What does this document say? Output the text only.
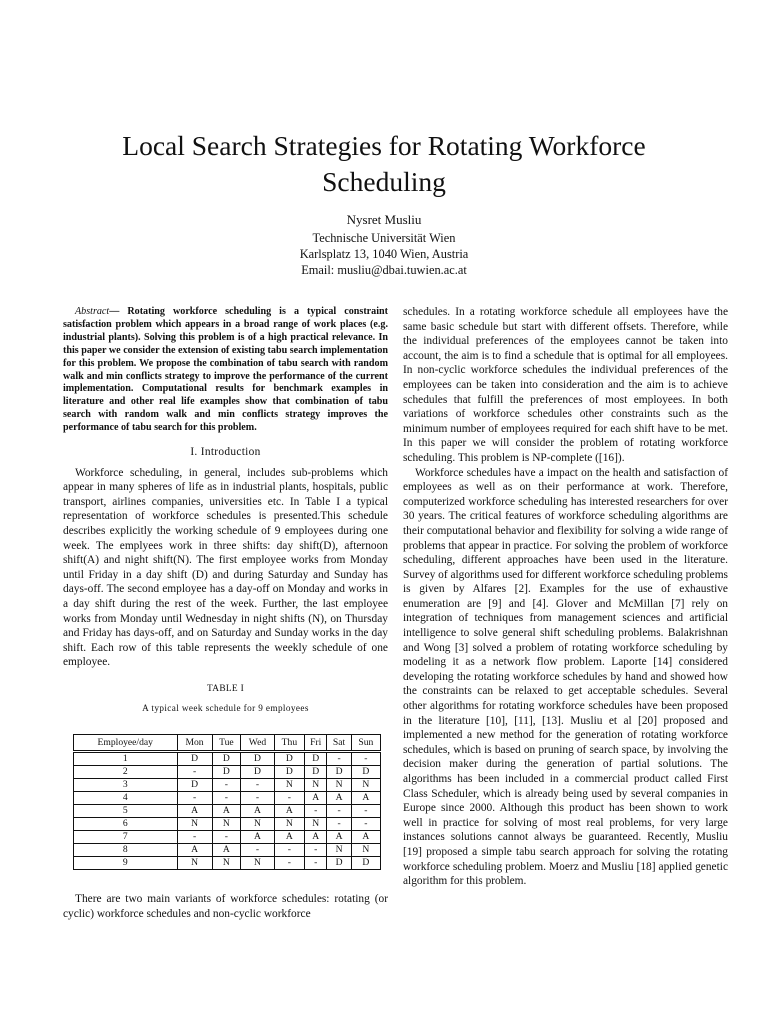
Local Search Strategies for Rotating Workforce
Scheduling
Nysret Musliu
Technische Universität Wien
Karlsplatz 13, 1040 Wien, Austria
Email: musliu@dbai.tuwien.ac.at

Abstract— Rotating workforce scheduling is a typical constraint satisfaction problem which appears in a broad range of work places (e.g. industrial plants). Solving this problem is of a high practical relevance. In this paper we consider the extension of existing tabu search implementation for this problem. We propose the combination of tabu search with random walk and min conflicts strategy to improve the performance of the current implementation. Computational results for benchmark examples in literature and other real life examples show that combination of tabu search with random walk and min conflicts strategy improves the performance of tabu search for this problem.

I. Introduction

Workforce scheduling, in general, includes sub-problems which appear in many spheres of life as in industrial plants, hospitals, public transport, airlines companies, universities etc. In Table I a typical representation of workforce schedules is presented.This schedule describes explicitly the working schedule of 9 employees during one week. The emplyees work in three shifts: day shift(D), afternoon shift(A) and night shift(N). The first employee works from Monday until Friday in a day shift (D) and during Saturday and Sunday has days-off. The second employee has a day-off on Monday and works in a day shift during the rest of the week. Further, the last employee works from Monday until Wednesday in night shifts (N), on Thursday and Friday has days-off, and on Saturday and Sunday works in the day shift. Each row of this table represents the weekly schedule of one employee.

TABLE I
A typical week schedule for 9 employees
Employee/day	Mon	Tue	Wed	Thu	Fri	Sat	Sun
1	D	D	D	D	D	-	-
2	-	D	D	D	D	D	D
3	D	-	-	N	N	N	N
4	-	-	-	-	A	A	A
5	A	A	A	A	-	-	-
6	N	N	N	N	N	-	-
7	-	-	A	A	A	A	A
8	A	A	-	-	-	N	N
9	N	N	N	-	-	D	D

There are two main variants of workforce schedules: rotating (or cyclic) workforce schedules and non-cyclic workforce

schedules. In a rotating workforce schedule all employees have the same basic schedule but start with different offsets. Therefore, while the individual preferences of the employees cannot be taken into account, the aim is to find a schedule that is optimal for all employees. In non-cyclic workforce schedules the individual preferences of the employees can be taken into consideration and the aim is to achieve schedules that fulfill the preferences of most employees. In both variations of workforce schedules other constraints such as the minimum number of employees required for each shift have to be met. In this paper we will consider the problem of rotating workforce scheduling. This problem is NP-complete ([16]).

Workforce schedules have a impact on the health and satisfaction of employees as well as on their performance at work. Therefore, computerized workforce scheduling has interested researchers for over 30 years. The critical features of workforce scheduling algorithms are their computational behavior and flexibility for solving a wide range of problems that appear in practice. For solving the problem of workforce scheduling, different approaches have been used in the literature. Survey of algorithms used for different workforce scheduling problems is given by Alfares [2]. Examples for the use of exhaustive enumeration are [9] and [4]. Glover and McMillan [7] rely on integration of techniques from management sciences and artificial intelligence to solve general shift scheduling problems. Balakrishnan and Wong [3] solved a problem of rotating workforce scheduling by modeling it as a network flow problem. Laporte [14] considered developing the rotating workforce schedules by hand and showed how the constraints can be relaxed to get acceptable schedules. Several other algorithms for rotating workforce schedules have been proposed in the literature [10], [11], [13]. Musliu et al [20] proposed and implemented a new method for the generation of rotating workforce schedules, which is based on pruning of search space, by involving the decision maker during the generation of partial solutions. The algorithms has been included in a commercial product called First Class Scheduler, which is already being used by several companies in Europe since 2000. Although this product has been shown to work well in practice for solving of most real problems, for very large instances solutions cannot always be guaranteed. Recently, Musliu [19] proposed a simple tabu search approach for solving the rotating workforce scheduling problem. Moerz and Musliu [18] applied genetic algorithm for this problem.
